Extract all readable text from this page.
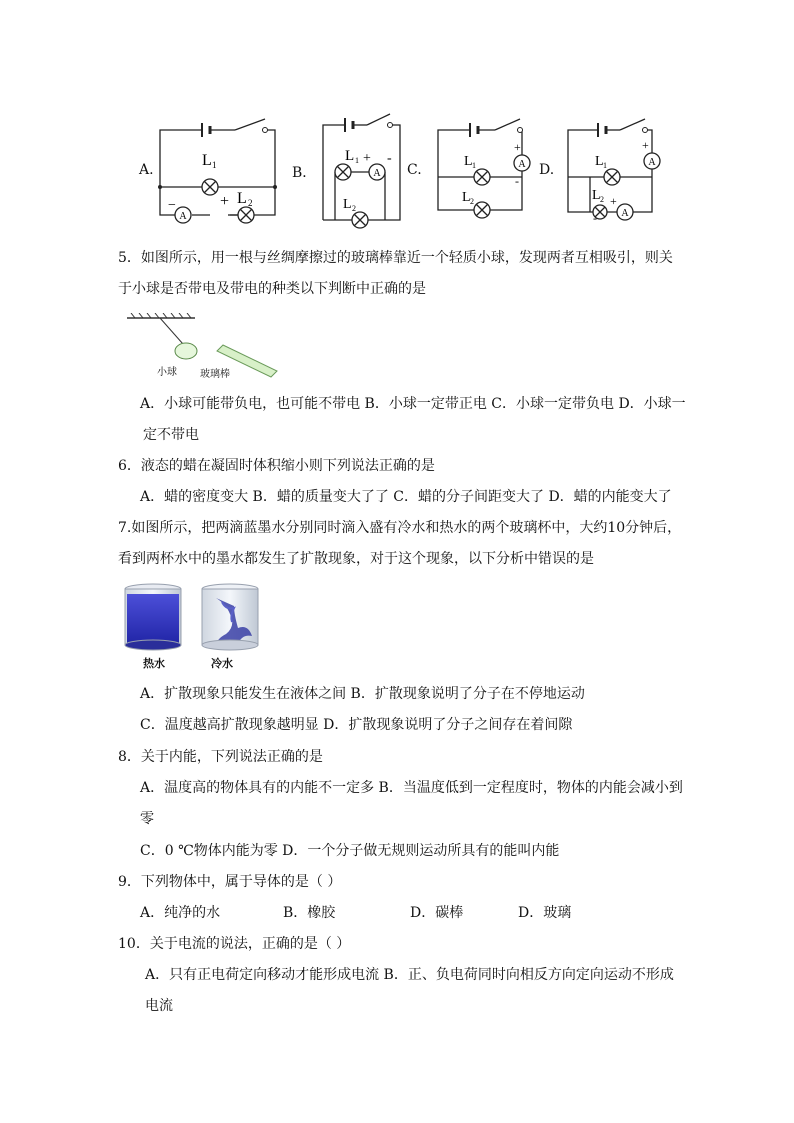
A.	B．	C.	D.
A
L 1
−	+ L 2
A
L 1 + -
L 2
A
+
-
L 1
L 2
A
A
+
+
L 1
L 2
-
5．如图所示，用一根与丝绸摩擦过的玻璃棒靠近一个轻质小球，发现两者互相吸引，则关
于小球是否带电及带电的种类以下判断中正确的是
小球 玻璃棒
A．小球可能带负电，也可能不带电 B．小球一定带正电 C．小球一定带负电 D．小球一
定不带电
6．液态的蜡在凝固时体积缩小则下列说法正确的是
A．蜡的密度变大 B．蜡的质量变大了了 C．蜡的分子间距变大了 D．蜡的内能变大了
7.如图所示，把两滴蓝墨水分别同时滴入盛有冷水和热水的两个玻璃杯中，大约10分钟后，
看到两杯水中的墨水都发生了扩散现象，对于这个现象，以下分析中错误的是
热水	冷水
A．扩散现象只能发生在液体之间 B．扩散现象说明了分子在不停地运动
C．温度越高扩散现象越明显 D．扩散现象说明了分子之间存在着间隙
8．关于内能，下列说法正确的是
A．温度高的物体具有的内能不一定多 B．当温度低到一定程度时，物体的内能会减小到
零
C．0 ℃物体内能为零 D．一个分子做无规则运动所具有的能叫内能
9．下列物体中，属于导体的是（ ）
A．纯净的水	B．橡胶	D．碳棒	D．玻璃
10．关于电流的说法，正确的是（ ）
A．只有正电荷定向移动才能形成电流 B．正、负电荷同时向相反方向定向运动不形成
电流
